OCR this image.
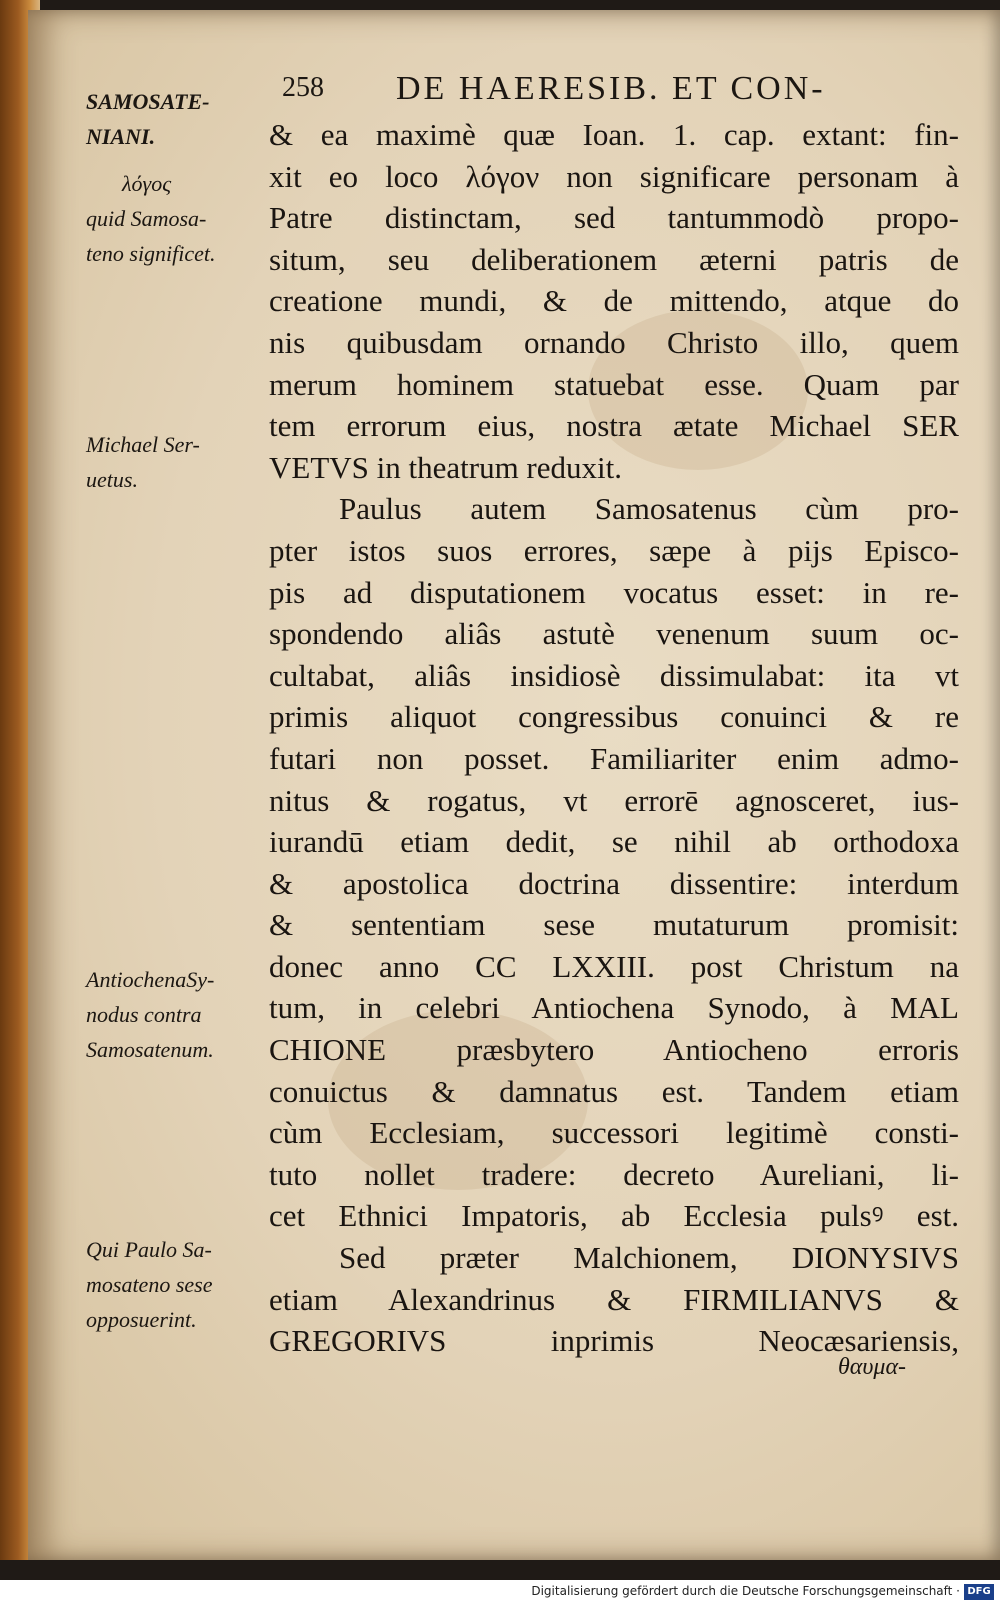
258 DE HAERESIB. ET CON-
SAMOSATE-
NIANI.
λόγος
quid Samosa-
teno significet.
Michael Ser-
uetus.
AntiochenaSy-
nodus contra
Samosatenum.
Qui Paulo Sa-
mosateno sese
opposuerint.
& ea maximè quæ Ioan. 1. cap. extant: fin-
xit eo loco λόγον non significare personam à
Patre distinctam, sed tantummodò propo-
situm, seu deliberationem æterni patris de
creatione mundi, & de mittendo, atque do
nis quibusdam ornando Christo illo, quem
merum hominem statuebat esse. Quam par
tem errorum eius, nostra ætate Michael SER
VETVS in theatrum reduxit.
Paulus autem Samosatenus cùm pro-
pter istos suos errores, sæpe à pijs Episco-
pis ad disputationem vocatus esset: in re-
spondendo aliâs astutè venenum suum oc-
cultabat, aliâs insidiosè dissimulabat: ita vt
primis aliquot congressibus conuinci & re
futari non posset. Familiariter enim admo-
nitus & rogatus, vt errorē agnosceret, ius-
iurandū etiam dedit, se nihil ab orthodoxa
& apostolica doctrina dissentire: interdum
& sententiam sese mutaturum promisit:
donec anno CC LXXIII. post Christum na
tum, in celebri Antiochena Synodo, à MAL
CHIONE præsbytero Antiocheno erroris
conuictus & damnatus est. Tandem etiam
cùm Ecclesiam, successori legitimè consti-
tuto nollet tradere: decreto Aureliani, li-
cet Ethnici Impatoris, ab Ecclesia pulsꝰ est.
Sed præter Malchionem, DIONYSIVS
etiam Alexandrinus & FIRMILIANVS &
GREGORIVS inprimis Neocæsariensis,
θαυμα-
Digitalisierung gefördert durch die Deutsche Forschungsgemeinschaft · DFG
